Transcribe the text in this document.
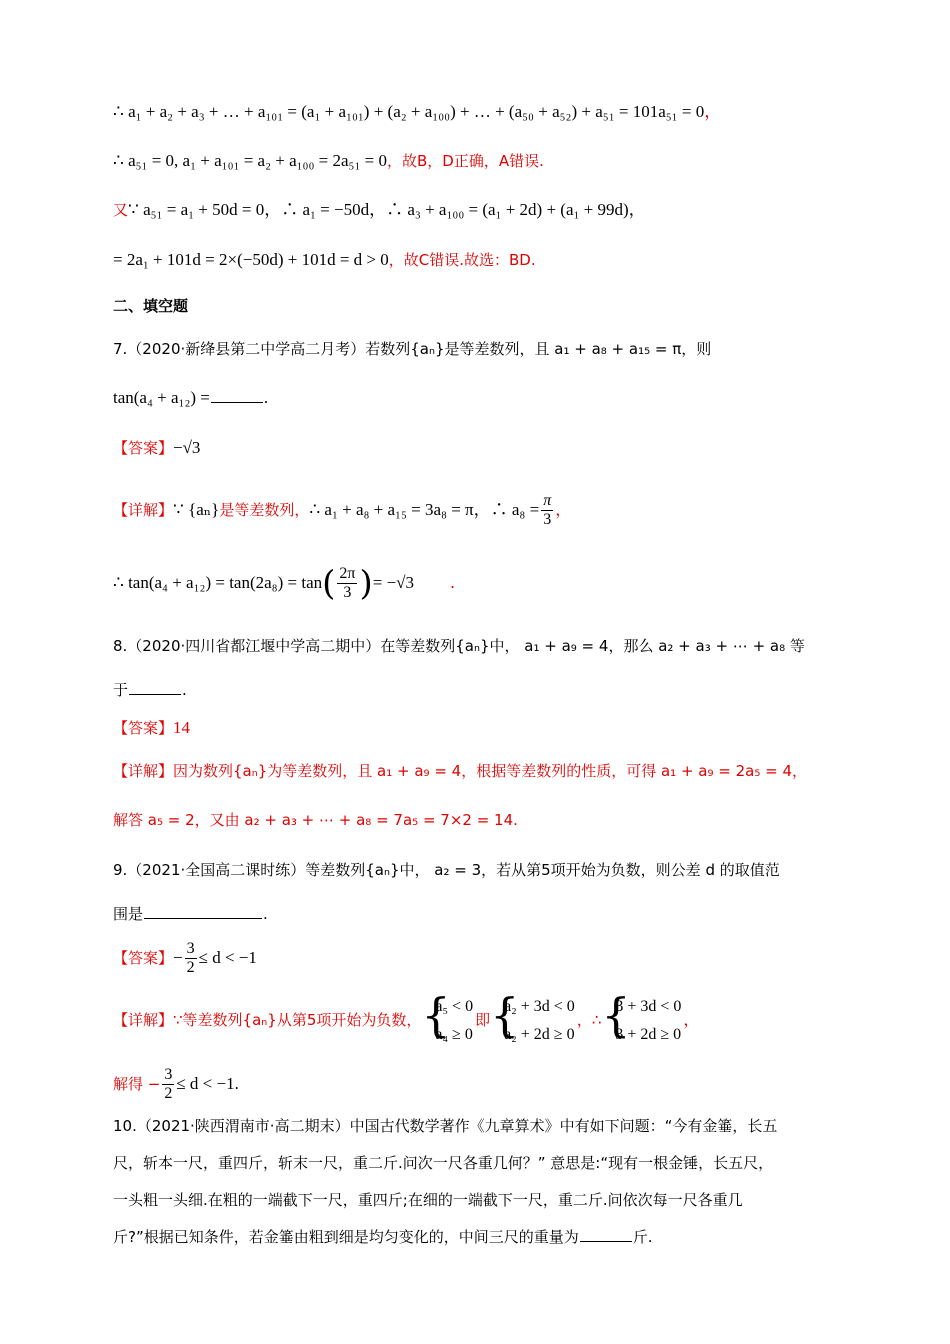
∴ a₁ + a₂ + a₃ + … + a₁₀₁ = (a₁ + a₁₀₁) + (a₂ + a₁₀₀) + … + (a₅₀ + a₅₂) + a₅₁ = 101a₅₁ = 0，
∴ a₅₁ = 0, a₁ + a₁₀₁ = a₂ + a₁₀₀ = 2a₅₁ = 0，故B，D正确，A错误.
又∵ a₅₁ = a₁ + 50d = 0，∴ a₁ = −50d，∴ a₃ + a₁₀₀ = (a₁ + 2d) + (a₁ + 99d)，
= 2a₁ + 101d = 2×(−50d) + 101d = d > 0，故C错误.故选：BD.
二、填空题
7.（2020·新绛县第二中学高二月考）若数列{aₙ}是等差数列，且 a₁ + a₈ + a₁₅ = π，则
tan(a₄ + a₁₂) =	.
【答案】−√3
【详解】∵ {aₙ}是等差数列，∴ a₁ + a₈ + a₁₅ = 3a₈ = π，∴ $a_8 = \frac{\pi}{3}$ ，
∴ $\tan(a_4 + a_{12}) = \tan(2a_8) = \tan( \frac{2\pi}{3}$ )= −√3 .
8.（2020·四川省都江堰中学高二期中）在等差数列{aₙ}中， a₁ + a₉ = 4，那么 a₂ + a₃ + ⋯ + a₈ 等
于	.
【答案】14
【详解】因为数列{aₙ}为等差数列，且 a₁ + a₉ = 4，根据等差数列的性质，可得 a₁ + a₉ = 2a₅ = 4，
解答 a₅ = 2，又由 a₂ + a₃ + ⋯ + a₈ = 7a₅ = 7×2 = 14.
9.（2021·全国高二课时练）等差数列{aₙ}中， a₂ = 3，若从第5项开始为负数，则公差 d 的取值范
围是	.
【答案】− $\frac{3}{2} \le d < -1$
【详解】∵等差数列{aₙ}从第5项开始为负数，
{ a₅ < 0
a₄ ≥ 0
即
{ a₂ + 3d < 0
a₂ + 2d ≥ 0
，∴
{ 3 + 3d < 0
3 + 2d ≥ 0
，
解得 − $\frac{3}{2} \le d < -1$.
10.（2021·陕西渭南市·高二期末）中国古代数学著作《九章算术》中有如下问题：“今有金箠，长五
尺，斩本一尺，重四斤，斩末一尺，重二斤.问次一尺各重几何？” 意思是:“现有一根金锤，长五尺，
一头粗一头细.在粗的一端截下一尺，重四斤;在细的一端截下一尺，重二斤.问依次每一尺各重几
斤?”根据已知条件，若金箠由粗到细是均匀变化的，中间三尺的重量为	斤.
